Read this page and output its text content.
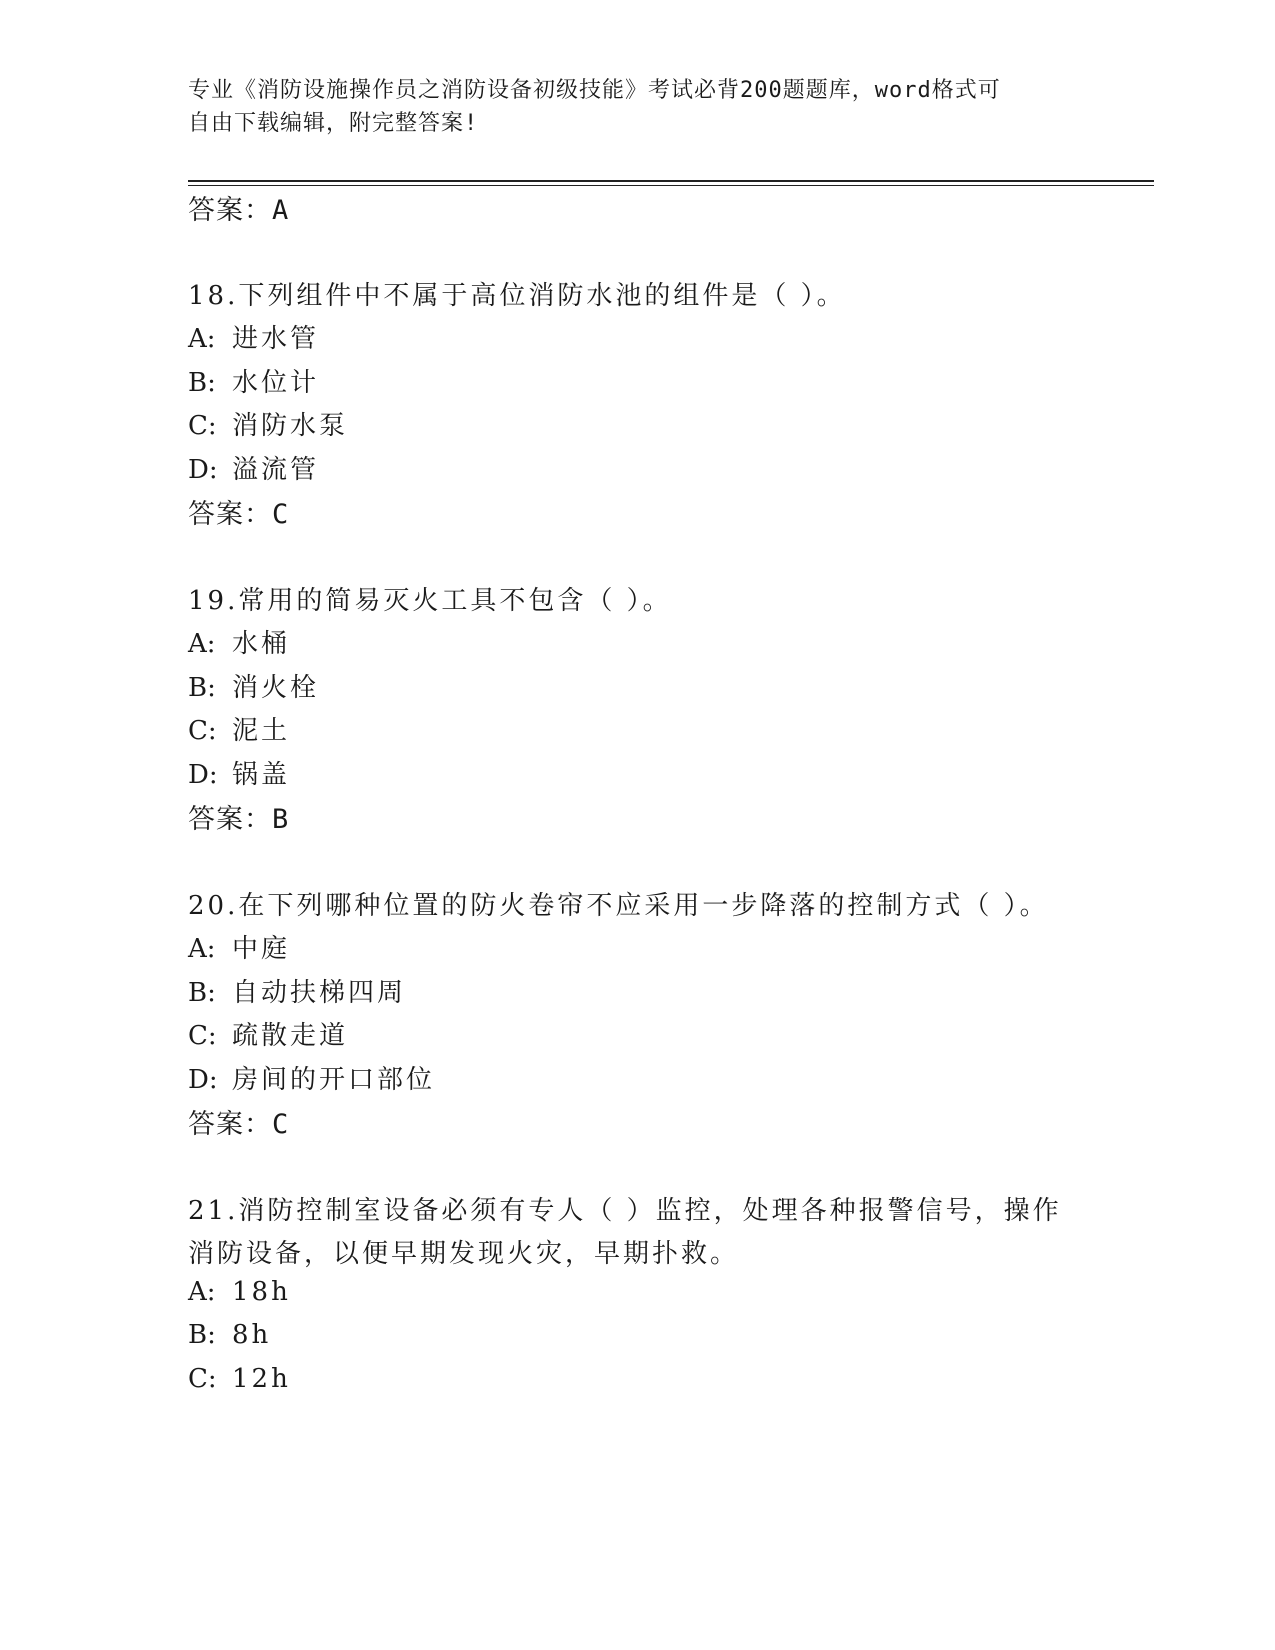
专业《消防设施操作员之消防设备初级技能》考试必背200题题库，word格式可
自由下载编辑，附完整答案!
答案：A
18.下列组件中不属于高位消防水池的组件是（ ）。
A: 进水管
B: 水位计
C: 消防水泵
D: 溢流管
答案：C
19.常用的简易灭火工具不包含（ ）。
A: 水桶
B: 消火栓
C: 泥土
D: 锅盖
答案：B
20.在下列哪种位置的防火卷帘不应采用一步降落的控制方式（ ）。
A: 中庭
B: 自动扶梯四周
C: 疏散走道
D: 房间的开口部位
答案：C
21.消防控制室设备必须有专人（ ）监控，处理各种报警信号，操作
消防设备，以便早期发现火灾，早期扑救。
A: 18h
B: 8h
C: 12h
